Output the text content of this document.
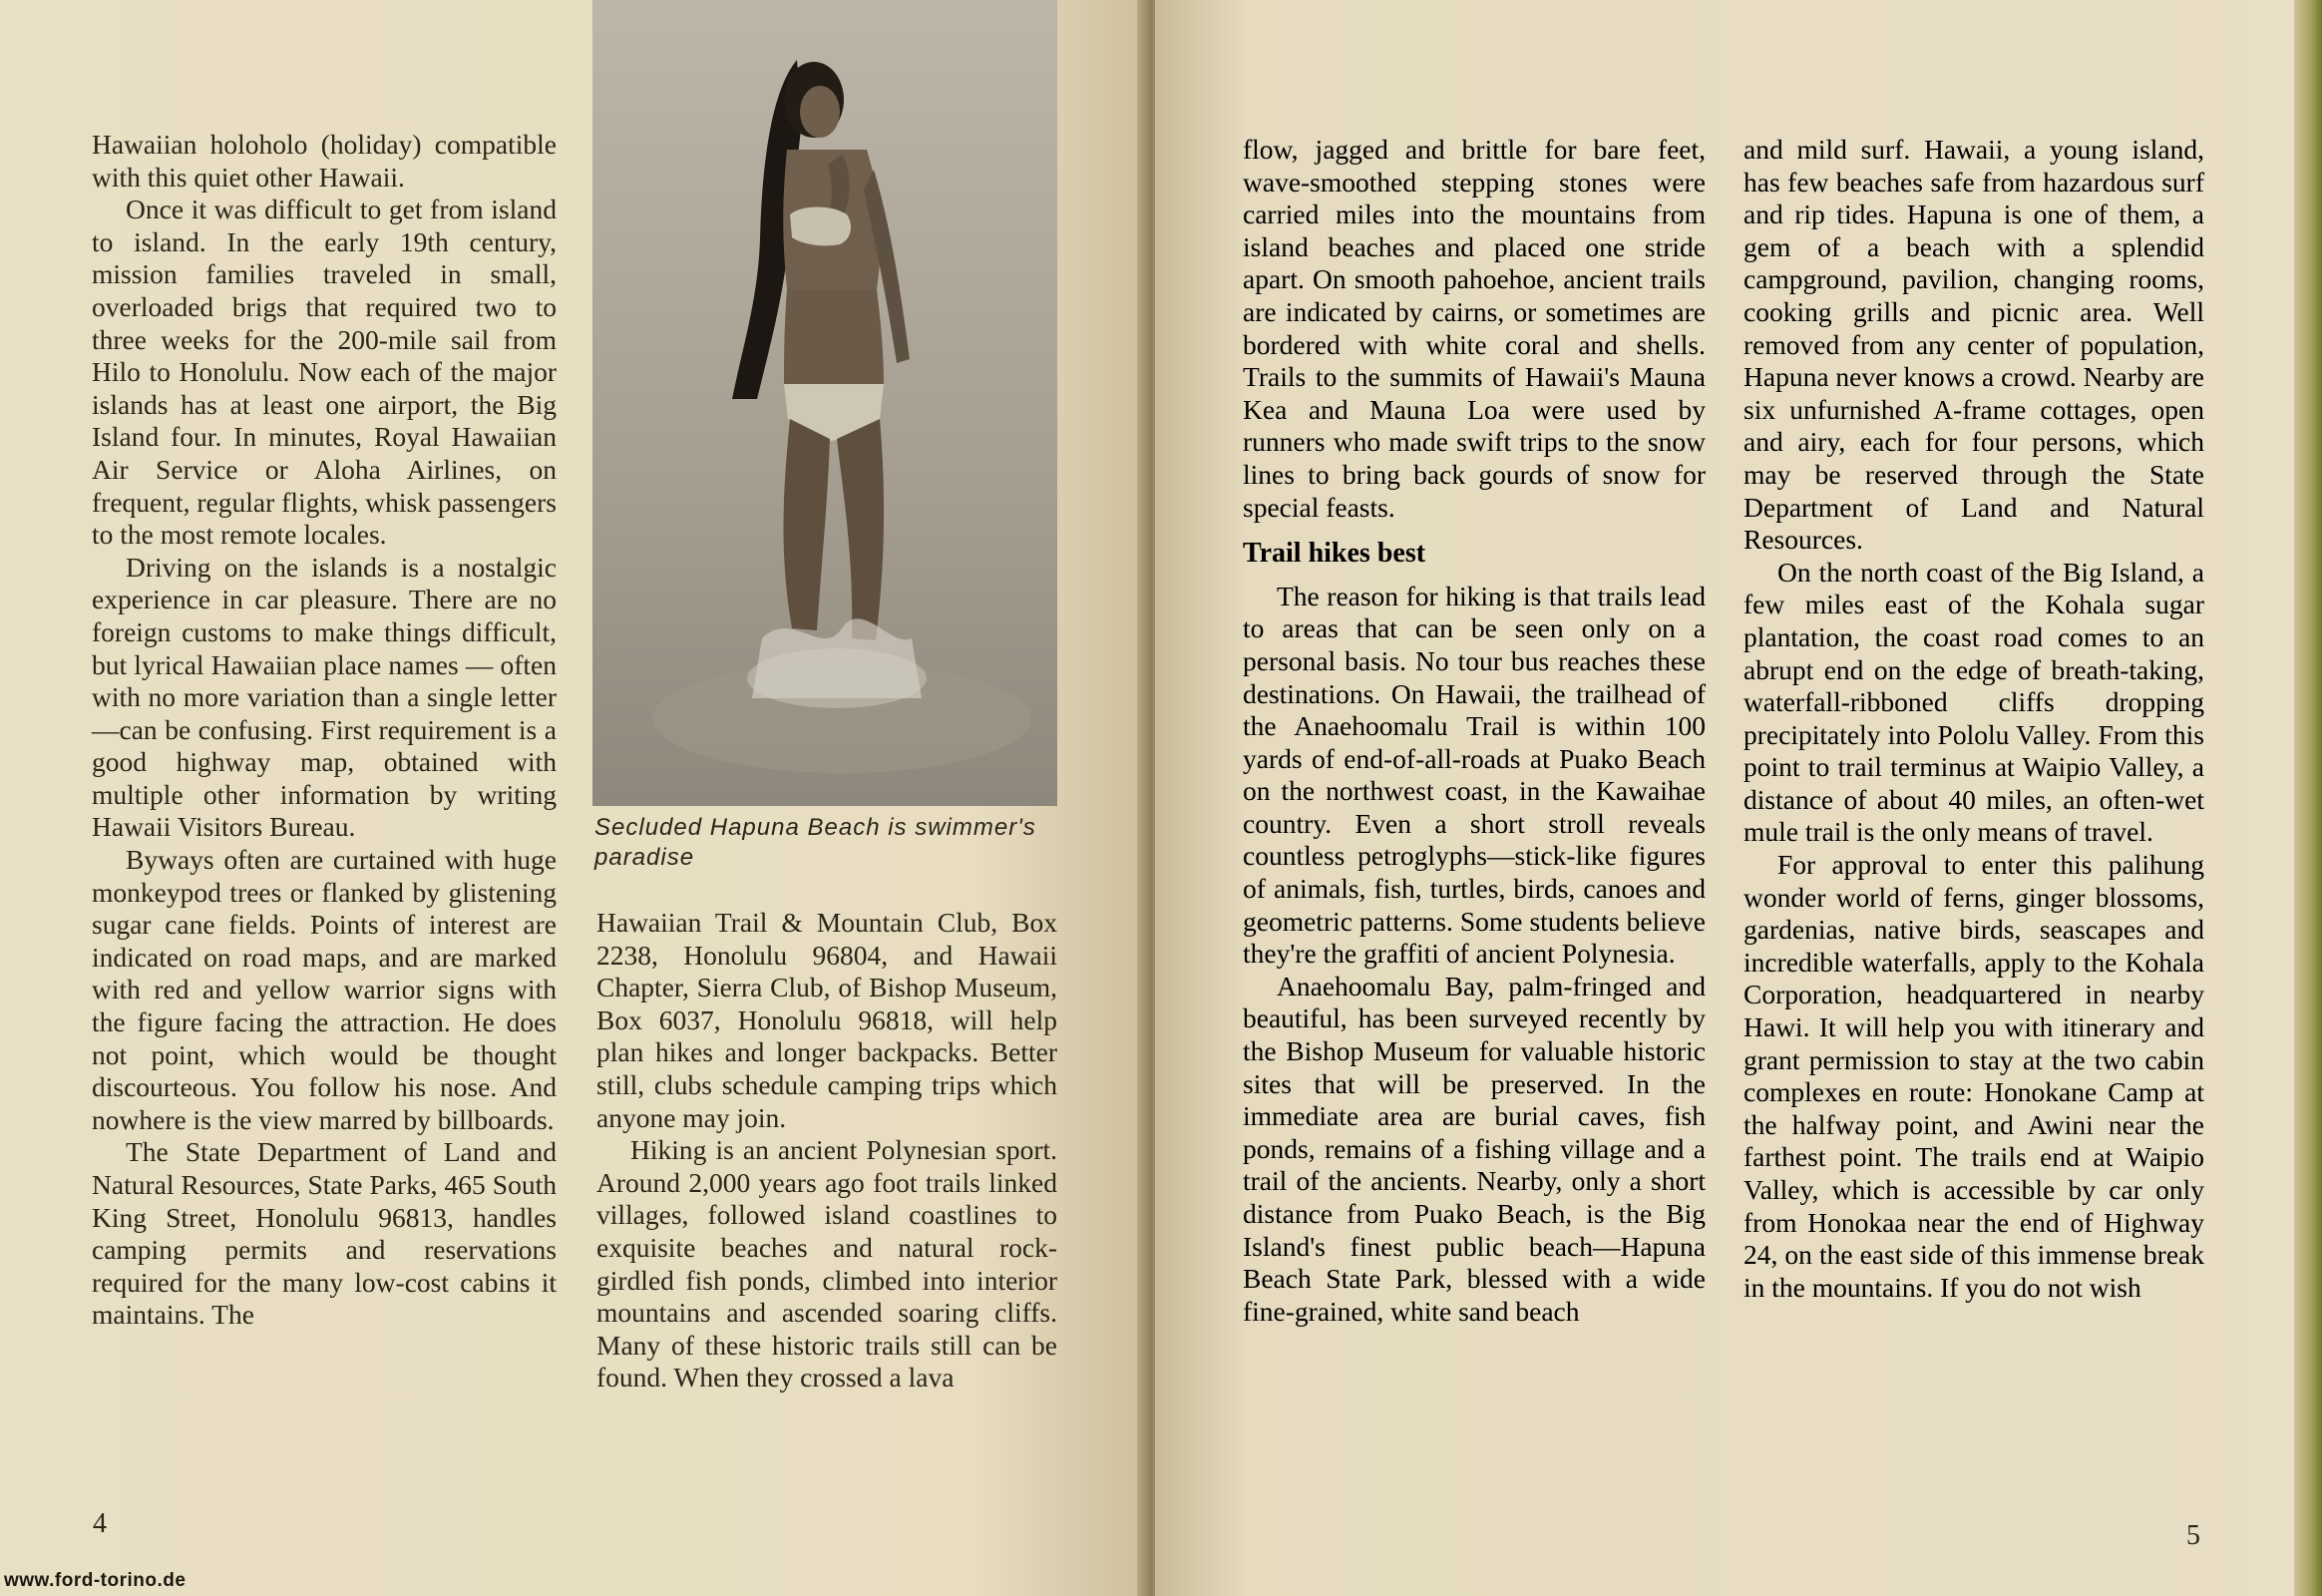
Hawaiian holoholo (holiday) compatible with this quiet other Hawaii.

Once it was difficult to get from island to island. In the early 19th century, mission families traveled in small, overloaded brigs that required two to three weeks for the 200-mile sail from Hilo to Honolulu. Now each of the major islands has at least one airport, the Big Island four. In minutes, Royal Hawaiian Air Service or Aloha Airlines, on frequent, regular flights, whisk passengers to the most remote locales.

Driving on the islands is a nostalgic experience in car pleasure. There are no foreign customs to make things difficult, but lyrical Hawaiian place names — often with no more variation than a single letter—can be confusing. First requirement is a good highway map, obtained with multiple other information by writing Hawaii Visitors Bureau.

Byways often are curtained with huge monkeypod trees or flanked by glistening sugar cane fields. Points of interest are indicated on road maps, and are marked with red and yellow warrior signs with the figure facing the attraction. He does not point, which would be thought discourteous. You follow his nose. And nowhere is the view marred by billboards.

The State Department of Land and Natural Resources, State Parks, 465 South King Street, Honolulu 96813, handles camping permits and reservations required for the many low-cost cabins it maintains. The

Secluded Hapuna Beach is swimmer's paradise

Hawaiian Trail & Mountain Club, Box 2238, Honolulu 96804, and Hawaii Chapter, Sierra Club, of Bishop Museum, Box 6037, Honolulu 96818, will help plan hikes and longer backpacks. Better still, clubs schedule camping trips which anyone may join.

Hiking is an ancient Polynesian sport. Around 2,000 years ago foot trails linked villages, followed island coastlines to exquisite beaches and natural rock-girdled fish ponds, climbed into interior mountains and ascended soaring cliffs. Many of these historic trails still can be found. When they crossed a lava

4
www.ford-torino.de

flow, jagged and brittle for bare feet, wave-smoothed stepping stones were carried miles into the mountains from island beaches and placed one stride apart. On smooth pahoehoe, ancient trails are indicated by cairns, or sometimes are bordered with white coral and shells. Trails to the summits of Hawaii's Mauna Kea and Mauna Loa were used by runners who made swift trips to the snow lines to bring back gourds of snow for special feasts.

Trail hikes best

The reason for hiking is that trails lead to areas that can be seen only on a personal basis. No tour bus reaches these destinations. On Hawaii, the trailhead of the Anaehoomalu Trail is within 100 yards of end-of-all-roads at Puako Beach on the northwest coast, in the Kawaihae country. Even a short stroll reveals countless petroglyphs—stick-like figures of animals, fish, turtles, birds, canoes and geometric patterns. Some students believe they're the graffiti of ancient Polynesia.

Anaehoomalu Bay, palm-fringed and beautiful, has been surveyed recently by the Bishop Museum for valuable historic sites that will be preserved. In the immediate area are burial caves, fish ponds, remains of a fishing village and a trail of the ancients. Nearby, only a short distance from Puako Beach, is the Big Island's finest public beach—Hapuna Beach State Park, blessed with a wide fine-grained, white sand beach

and mild surf. Hawaii, a young island, has few beaches safe from hazardous surf and rip tides. Hapuna is one of them, a gem of a beach with a splendid campground, pavilion, changing rooms, cooking grills and picnic area. Well removed from any center of population, Hapuna never knows a crowd. Nearby are six unfurnished A-frame cottages, open and airy, each for four persons, which may be reserved through the State Department of Land and Natural Resources.

On the north coast of the Big Island, a few miles east of the Kohala sugar plantation, the coast road comes to an abrupt end on the edge of breath-taking, waterfall-ribboned cliffs dropping precipitately into Pololu Valley. From this point to trail terminus at Waipio Valley, a distance of about 40 miles, an often-wet mule trail is the only means of travel.

For approval to enter this palihung wonder world of ferns, ginger blossoms, gardenias, native birds, seascapes and incredible waterfalls, apply to the Kohala Corporation, headquartered in nearby Hawi. It will help you with itinerary and grant permission to stay at the two cabin complexes en route: Honokane Camp at the halfway point, and Awini near the farthest point. The trails end at Waipio Valley, which is accessible by car only from Honokaa near the end of Highway 24, on the east side of this immense break in the mountains. If you do not wish

5
